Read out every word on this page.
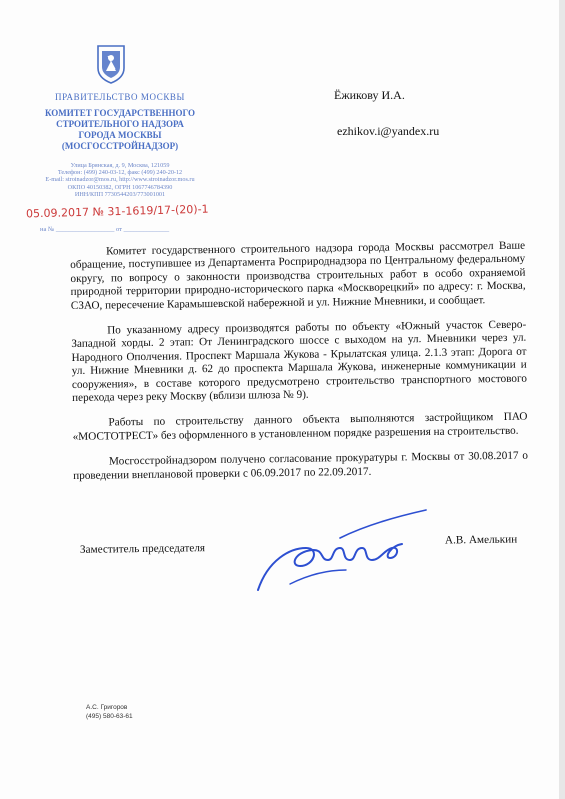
ПРАВИТЕЛЬСТВО МОСКВЫ
КОМИТЕТ ГОСУДАРСТВЕННОГО
СТРОИТЕЛЬНОГО НАДЗОРА
ГОРОДА МОСКВЫ
(МОСГОССТРОЙНАДЗОР)
Улица Брянская, д. 9, Москва, 121059
Телефон: (499) 240-03-12, факс (499) 240-20-12
E-mail: stroinadzor@mos.ru, http://www.stroinadzor.mos.ru
ОКПО 40150382, ОГРН 1067746784390
ИНН/КПП 7730544203/773001001
05.09.2017 № 31-1619/17-(20)-1
на № __________________ от ______________
Ёжикову И.А.
ezhikov.i@yandex.ru

Комитет государственного строительного надзора города Москвы рассмотрел Ваше обращение, поступившее из Департамента Росприроднадзора по Центральному федеральному округу, по вопросу о законности производства строительных работ в особо охраняемой природной территории природно-исторического парка «Москворецкий» по адресу: г. Москва, СЗАО, пересечение Карамышевской набережной и ул. Нижние Мневники, и сообщает.

По указанному адресу производятся работы по объекту «Южный участок Северо-Западной хорды. 2 этап: От Ленинградского шоссе с выходом на ул. Мневники через ул. Народного Ополчения. Проспект Маршала Жукова - Крылатская улица. 2.1.3 этап: Дорога от ул. Нижние Мневники д. 62 до проспекта Маршала Жукова, инженерные коммуникации и сооружения», в составе которого предусмотрено строительство транспортного мостового перехода через реку Москву (вблизи шлюза № 9).

Работы по строительству данного объекта выполняются застройщиком ПАО «МОСТОТРЕСТ» без оформленного в установленном порядке разрешения на строительство.

Мосгосстройнадзором получено согласование прокуратуры г. Москвы от 30.08.2017 о проведении внеплановой проверки с 06.09.2017 по 22.09.2017.

Заместитель председателя
А.В. Амелькин
А.С. Григоров
(495) 580-63-61
